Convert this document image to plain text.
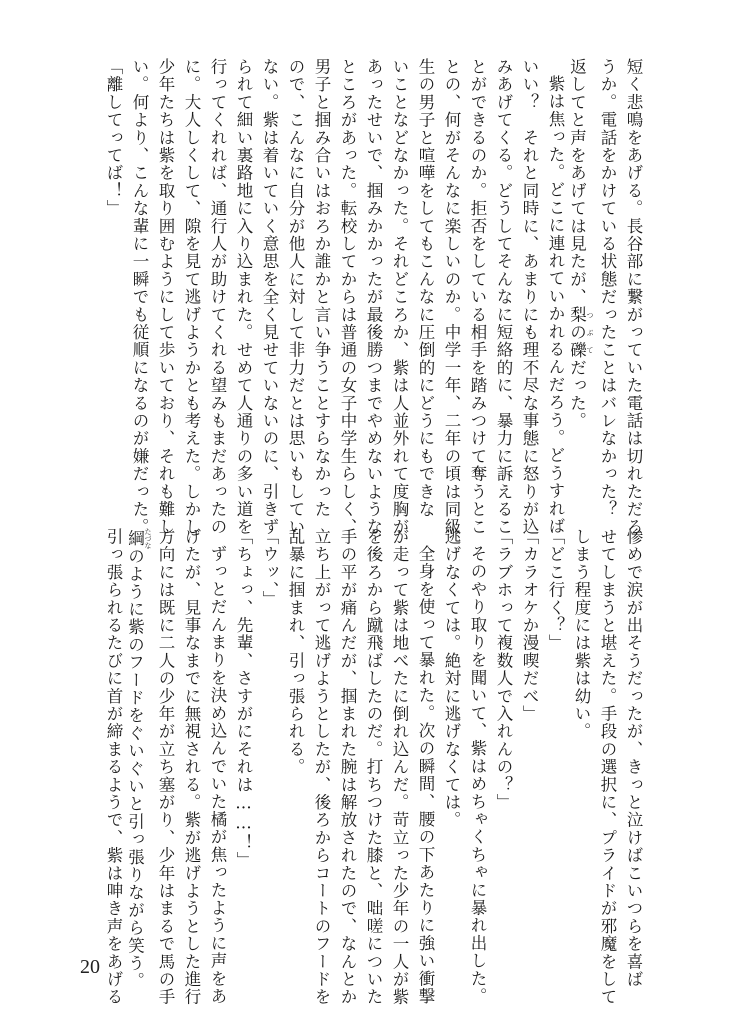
短く悲鳴をあげる。長谷部に繋がっていた電話は切れただろ
うか。電話をかけている状態だったことはバレなかった？
返してと声をあげては見たが、梨の礫 つぶてだった。
紫は焦った。どこに連れていかれるんだろう。どうすれば
いい？　それと同時に、あまりにも理不尽な事態に怒りが込
みあげてくる。どうしてそんなに短絡的に、暴力に訴えるこ
とができるのか。拒否をしている相手を踏みつけて奪うとこ
との、何がそんなに楽しいのか。中学一年、二年の頃は同級
生の男子と喧嘩をしてもこんなに圧倒的にどうにもできな
いことなどなかった。それどころか、紫は人並外れて度胸が
あったせいで、掴みかかったが最後勝つまでやめないような
ところがあった。転校してからは普通の女子中学生らしく、
男子と掴み合いはおろか誰かと言い争うことすらなかった
ので、こんなに自分が他人に対して非力だとは思いもしてい
ない。紫は着いていく意思を全く見せていないのに、引きず
られて細い裏路地に入り込まれた。せめて人通りの多い道を
行ってくれれば、通行人が助けてくれる望みもまだあったの
に。大人しくして、隙を見て逃げようかとも考えた。しかし
少年たちは紫を取り囲むようにして歩いており、それも難し
い。何より、こんな輩に一瞬でも従順になるのが嫌だった。
「離してってば！」
惨めで涙が出そうだったが、きっと泣けばこいつらを喜ば
せてしまうと堪えた。手段の選択に、プライドが邪魔をして
しまう程度には紫は幼い。
「どこ行く？」
「カラオケか漫喫だべ」
「ラブホって複数人で入れんの？」
そのやり取りを聞いて、紫はめちゃくちゃに暴れ出した。
逃げなくては。絶対に逃げなくては。
全身を使って暴れた。次の瞬間、腰の下あたりに強い衝撃
が走って紫は地べたに倒れ込んだ。苛立った少年の一人が紫
を後ろから蹴飛ばしたのだ。打ちつけた膝と、咄嗟についた
手の平が痛んだが、掴まれた腕は解放されたので、なんとか
立ち上がって逃げようとしたが、後ろからコートのフードを
乱暴に掴まれ、引っ張られる。
「ウッ、」
「ちょっ、先輩、さすがにそれは……！」
ずっとだんまりを決め込んでいた橘が焦ったように声をあ
げたが、見事なまでに無視される。紫が逃げようとした進行
方向には既に二人の少年が立ち塞がり、少年はまるで馬の手
綱 たづなのように紫のフードをぐいぐいと引っ張りながら笑う。
引っ張られるたびに首が締まるようで、紫は呻き声をあげる
20
